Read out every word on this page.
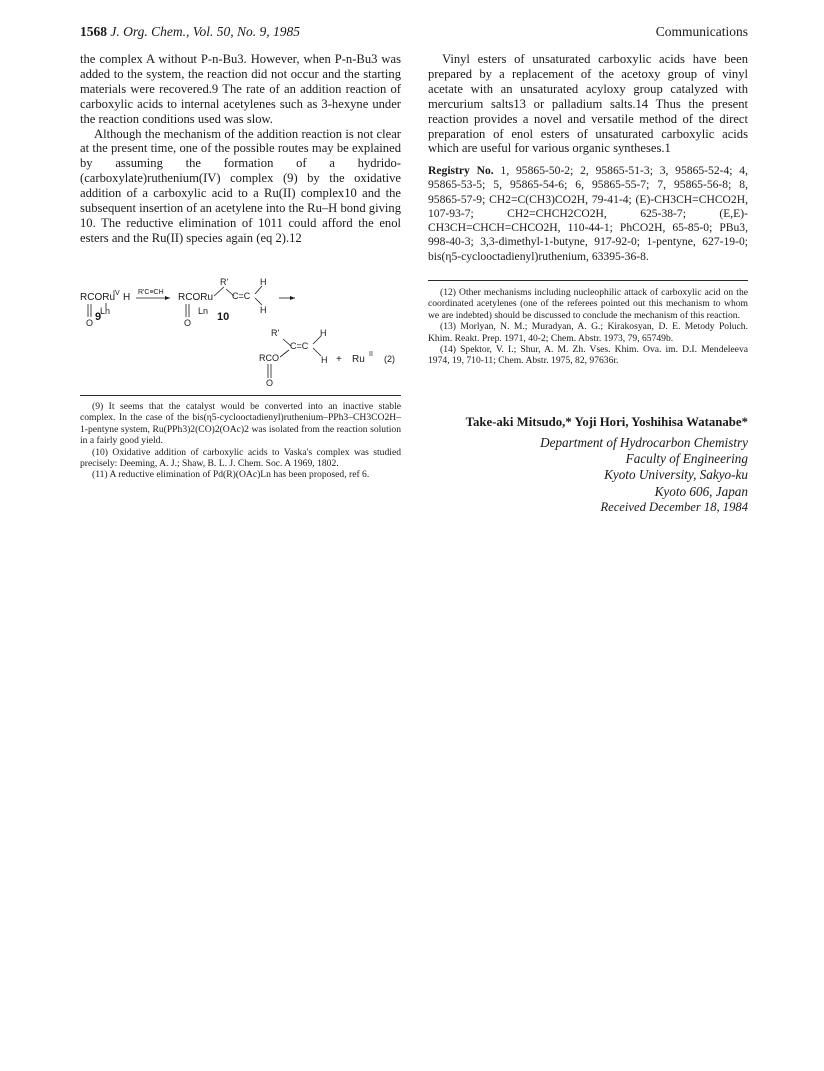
1568 J. Org. Chem., Vol. 50, No. 9, 1985	Communications

the complex A without P-n-Bu3. However, when P-n-Bu3 was added to the system, the reaction did not occur and the starting materials were recovered.9 The rate of an addition reaction of carboxylic acids to internal acetylenes such as 3-hexyne under the reaction conditions used was slow.

Although the mechanism of the addition reaction is not clear at the present time, one of the possible routes may be explained by assuming the formation of a hydrido-(carboxylate)ruthenium(IV) complex (9) by the oxidative addition of a carboxylic acid to a Ru(II) complex10 and the subsequent insertion of an acetylene into the Ru–H bond giving 10. The reductive elimination of 1011 could afford the enol esters and the Ru(II) species again (eq 2).12

RCORu
IV H
Ln
O 9
R'C≡CH RCORu
Ln
O
R'
C=C
H
H
10
R'
C=C
H
H
RCO
O
+ Ru II (2)

(9) It seems that the catalyst would be converted into an inactive stable complex. In the case of the bis(η5-cyclooctadienyl)ruthenium–PPh3–CH3CO2H–1-pentyne system, Ru(PPh3)2(CO)2(OAc)2 was isolated from the reaction solution in a fairly good yield.

(10) Oxidative addition of carboxylic acids to Vaska's complex was studied precisely: Deeming, A. J.; Shaw, B. L. J. Chem. Soc. A 1969, 1802.

(11) A reductive elimination of Pd(R)(OAc)Ln has been proposed, ref 6.

Vinyl esters of unsaturated carboxylic acids have been prepared by a replacement of the acetoxy group of vinyl acetate with an unsaturated acyloxy group catalyzed with mercurium salts13 or palladium salts.14 Thus the present reaction provides a novel and versatile method of the direct preparation of enol esters of unsaturated carboxylic acids which are useful for various organic syntheses.1

Registry No. 1, 95865-50-2; 2, 95865-51-3; 3, 95865-52-4; 4, 95865-53-5; 5, 95865-54-6; 6, 95865-55-7; 7, 95865-56-8; 8, 95865-57-9; CH2=C(CH3)CO2H, 79-41-4; (E)-CH3CH=CHCO2H, 107-93-7; CH2=CHCH2CO2H, 625-38-7; (E,E)-CH3CH=CHCH=CHCO2H, 110-44-1; PhCO2H, 65-85-0; PBu3, 998-40-3; 3,3-dimethyl-1-butyne, 917-92-0; 1-pentyne, 627-19-0; bis(η5-cyclooctadienyl)ruthenium, 63395-36-8.

(12) Other mechanisms including nucleophilic attack of carboxylic acid on the coordinated acetylenes (one of the referees pointed out this mechanism to whom we are indebted) should be discussed to conclude the mechanism of this reaction.

(13) Morlyan, N. M.; Muradyan, A. G.; Kirakosyan, D. E. Metody Poluch. Khim. Reakt. Prep. 1971, 40-2; Chem. Abstr. 1973, 79, 65749b.

(14) Spektor, V. I.; Shur, A. M. Zh. Vses. Khim. Ova. im. D.I. Mendeleeva 1974, 19, 710-11; Chem. Abstr. 1975, 82, 97636r.

Take-aki Mitsudo,* Yoji Hori, Yoshihisa Watanabe*
Department of Hydrocarbon Chemistry
Faculty of Engineering
Kyoto University, Sakyo-ku
Kyoto 606, Japan
Received December 18, 1984
